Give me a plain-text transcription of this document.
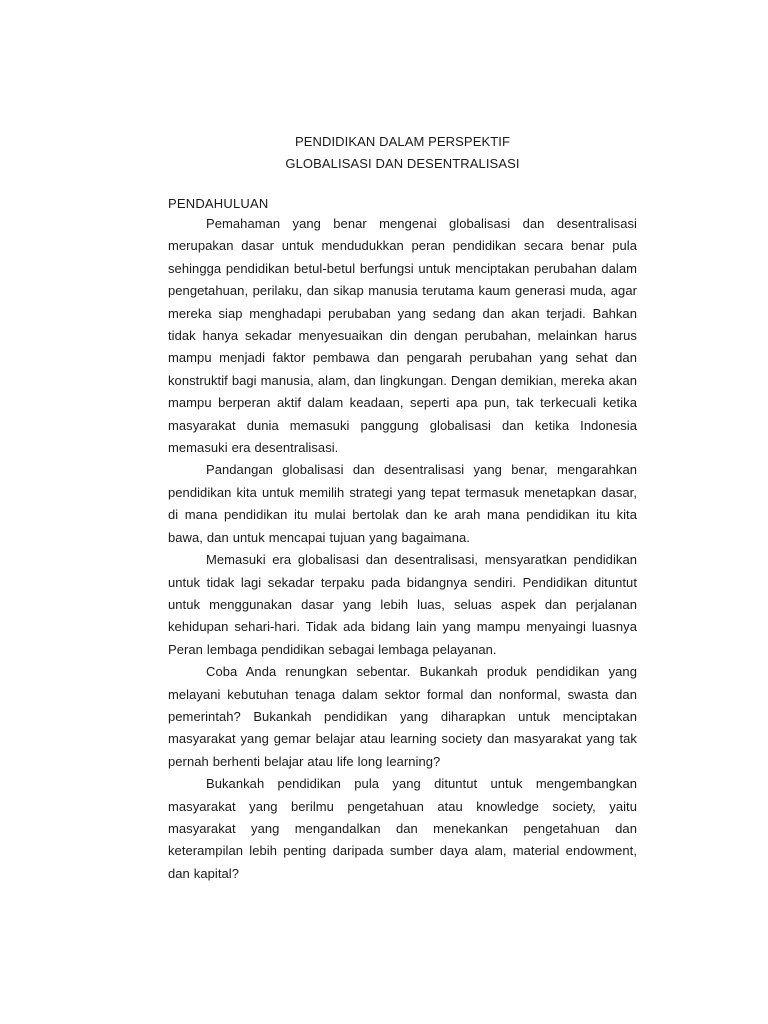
PENDIDIKAN DALAM PERSPEKTIF
GLOBALISASI DAN DESENTRALISASI
PENDAHULUAN

Pemahaman yang benar mengenai globalisasi dan desentralisasi merupakan dasar untuk mendudukkan peran pendidikan secara benar pula sehingga pendidikan betul-betul berfungsi untuk menciptakan perubahan dalam pengetahuan, perilaku, dan sikap manusia terutama kaum generasi muda, agar mereka siap menghadapi perubaban yang sedang dan akan terjadi. Bahkan tidak hanya sekadar menyesuaikan din dengan perubahan, melainkan harus mampu menjadi faktor pembawa dan pengarah perubahan yang sehat dan konstruktif bagi manusia, alam, dan lingkungan. Dengan demikian, mereka akan mampu berperan aktif dalam keadaan, seperti apa pun, tak terkecuali ketika masyarakat dunia memasuki panggung globalisasi dan ketika Indonesia memasuki era desentralisasi.

Pandangan globalisasi dan desentralisasi yang benar, mengarahkan pendidikan kita untuk memilih strategi yang tepat termasuk menetapkan dasar, di mana pendidikan itu mulai bertolak dan ke arah mana pendidikan itu kita bawa, dan untuk mencapai tujuan yang bagaimana.

Memasuki era globalisasi dan desentralisasi, mensyaratkan pendidikan untuk tidak lagi sekadar terpaku pada bidangnya sendiri. Pendidikan dituntut untuk menggunakan dasar yang lebih luas, seluas aspek dan perjalanan kehidupan sehari-hari. Tidak ada bidang lain yang mampu menyaingi luasnya Peran lembaga pendidikan sebagai lembaga pelayanan.

Coba Anda renungkan sebentar. Bukankah produk pendidikan yang melayani kebutuhan tenaga dalam sektor formal dan nonformal, swasta dan pemerintah? Bukankah pendidikan yang diharapkan untuk menciptakan masyarakat yang gemar belajar atau learning society dan masyarakat yang tak pernah berhenti belajar atau life long learning?

Bukankah pendidikan pula yang dituntut untuk mengembangkan masyarakat yang berilmu pengetahuan atau knowledge society, yaitu masyarakat yang mengandalkan dan menekankan pengetahuan dan keterampilan lebih penting daripada sumber daya alam, material endowment, dan kapital?
